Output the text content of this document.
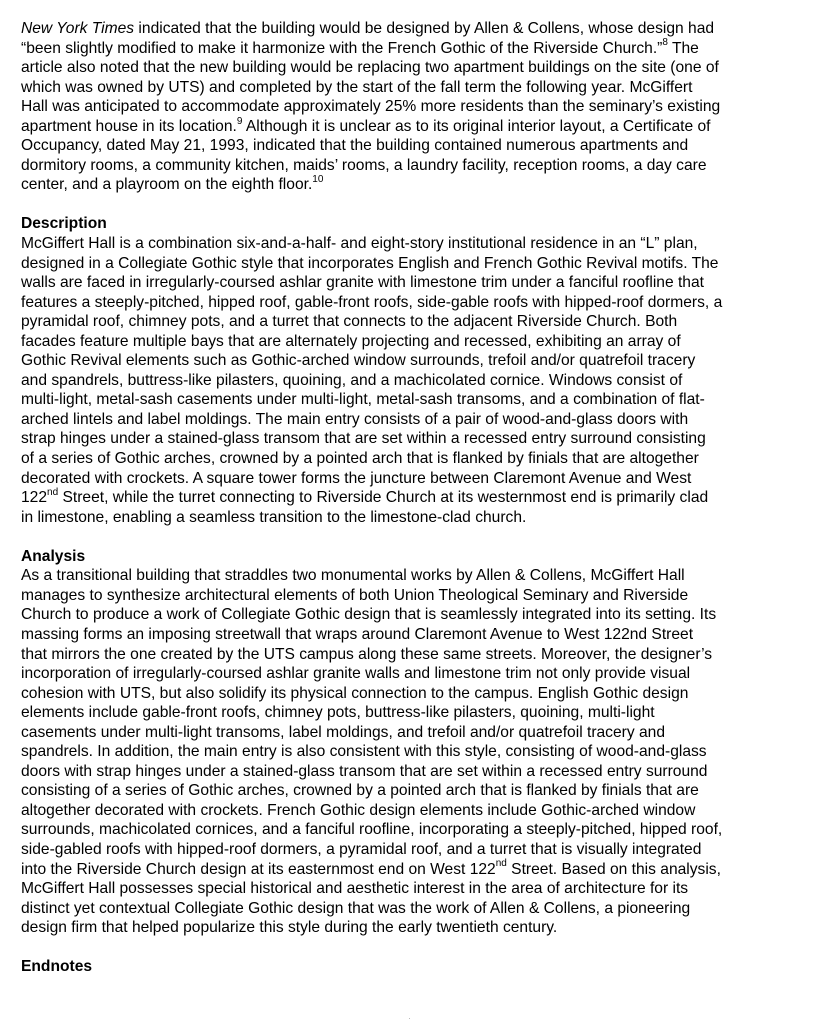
New York Times indicated that the building would be designed by Allen & Collens, whose design had
“been slightly modified to make it harmonize with the French Gothic of the Riverside Church.”$^8$ The
article also noted that the new building would be replacing two apartment buildings on the site (one of
which was owned by UTS) and completed by the start of the fall term the following year. McGiffert
Hall was anticipated to accommodate approximately 25% more residents than the seminary’s existing
apartment house in its location.$^9$ Although it is unclear as to its original interior layout, a Certificate of
Occupancy, dated May 21, 1993, indicated that the building contained numerous apartments and
dormitory rooms, a community kitchen, maids’ rooms, a laundry facility, reception rooms, a day care
center, and a playroom on the eighth floor.$^{10}$

Description

McGiffert Hall is a combination six-and-a-half- and eight-story institutional residence in an “L” plan,
designed in a Collegiate Gothic style that incorporates English and French Gothic Revival motifs. The
walls are faced in irregularly-coursed ashlar granite with limestone trim under a fanciful roofline that
features a steeply-pitched, hipped roof, gable-front roofs, side-gable roofs with hipped-roof dormers, a
pyramidal roof, chimney pots, and a turret that connects to the adjacent Riverside Church. Both
facades feature multiple bays that are alternately projecting and recessed, exhibiting an array of
Gothic Revival elements such as Gothic-arched window surrounds, trefoil and/or quatrefoil tracery
and spandrels, buttress-like pilasters, quoining, and a machicolated cornice. Windows consist of
multi-light, metal-sash casements under multi-light, metal-sash transoms, and a combination of flat-
arched lintels and label moldings. The main entry consists of a pair of wood-and-glass doors with
strap hinges under a stained-glass transom that are set within a recessed entry surround consisting
of a series of Gothic arches, crowned by a pointed arch that is flanked by finials that are altogether
decorated with crockets. A square tower forms the juncture between Claremont Avenue and West
122nd Street, while the turret connecting to Riverside Church at its westernmost end is primarily clad
in limestone, enabling a seamless transition to the limestone-clad church.

Analysis

As a transitional building that straddles two monumental works by Allen & Collens, McGiffert Hall
manages to synthesize architectural elements of both Union Theological Seminary and Riverside
Church to produce a work of Collegiate Gothic design that is seamlessly integrated into its setting. Its
massing forms an imposing streetwall that wraps around Claremont Avenue to West 122nd Street
that mirrors the one created by the UTS campus along these same streets. Moreover, the designer’s
incorporation of irregularly-coursed ashlar granite walls and limestone trim not only provide visual
cohesion with UTS, but also solidify its physical connection to the campus. English Gothic design
elements include gable-front roofs, chimney pots, buttress-like pilasters, quoining, multi-light
casements under multi-light transoms, label moldings, and trefoil and/or quatrefoil tracery and
spandrels. In addition, the main entry is also consistent with this style, consisting of wood-and-glass
doors with strap hinges under a stained-glass transom that are set within a recessed entry surround
consisting of a series of Gothic arches, crowned by a pointed arch that is flanked by finials that are
altogether decorated with crockets. French Gothic design elements include Gothic-arched window
surrounds, machicolated cornices, and a fanciful roofline, incorporating a steeply-pitched, hipped roof,
side-gabled roofs with hipped-roof dormers, a pyramidal roof, and a turret that is visually integrated
into the Riverside Church design at its easternmost end on West 122nd Street. Based on this analysis,
McGiffert Hall possesses special historical and aesthetic interest in the area of architecture for its
distinct yet contextual Collegiate Gothic design that was the work of Allen & Collens, a pioneering
design firm that helped popularize this style during the early twentieth century.

Endnotes
